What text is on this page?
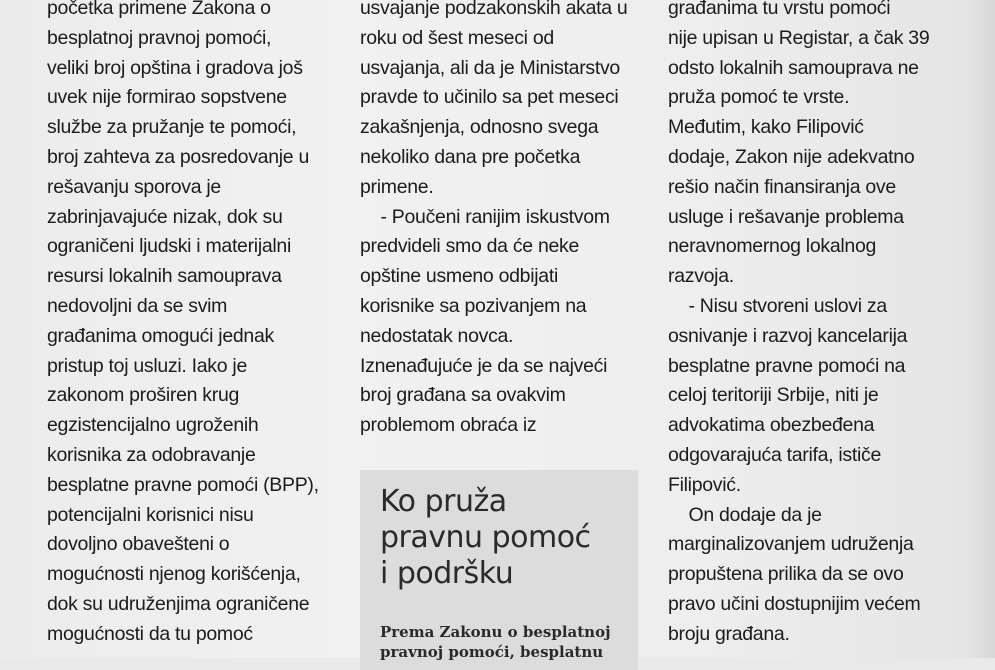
početka primene Zakona o

besplatnoj pravnoj pomoći,

veliki broj opština i gradova još

uvek nije formirao sopstvene

službe za pružanje te pomoći,

broj zahteva za posredovanje u

rešavanju sporova je

zabrinjavajuće nizak, dok su

ograničeni ljudski i materijalni

resursi lokalnih samouprava

nedovoljni da se svim

građanima omogući jednak

pristup toj usluzi. Iako je

zakonom proširen krug

egzistencijalno ugroženih

korisnika za odobravanje

besplatne pravne pomoći (BPP),

potencijalni korisnici nisu

dovoljno obavešteni o

mogućnosti njenog korišćenja,

dok su udruženjima ograničene

mogućnosti da tu pomoć

usvajanje podzakonskih akata u

roku od šest meseci od

usvajanja, ali da je Ministarstvo

pravde to učinilo sa pet meseci

zakašnjenja, odnosno svega

nekoliko dana pre početka

primene.

- Poučeni ranijim iskustvom

predvideli smo da će neke

opštine usmeno odbijati

korisnike sa pozivanjem na

nedostatak novca.

Iznenađujuće je da se najveći

broj građana sa ovakvim

problemom obraća iz

Ko pruža
pravnu pomoć
i podršku
Prema Zakonu o besplatnoj
pravnoj pomoći, besplatnu

građanima tu vrstu pomoći

nije upisan u Registar, a čak 39

odsto lokalnih samouprava ne

pruža pomoć te vrste.

Međutim, kako Filipović

dodaje, Zakon nije adekvatno

rešio način finansiranja ove

usluge i rešavanje problema

neravnomernog lokalnog

razvoja.

- Nisu stvoreni uslovi za

osnivanje i razvoj kancelarija

besplatne pravne pomoći na

celoj teritoriji Srbije, niti je

advokatima obezbeđena

odgovarajuća tarifa, ističe

Filipović.

On dodaje da je

marginalizovanjem udruženja

propuštena prilika da se ovo

pravo učini dostupnijim većem

broju građana.
